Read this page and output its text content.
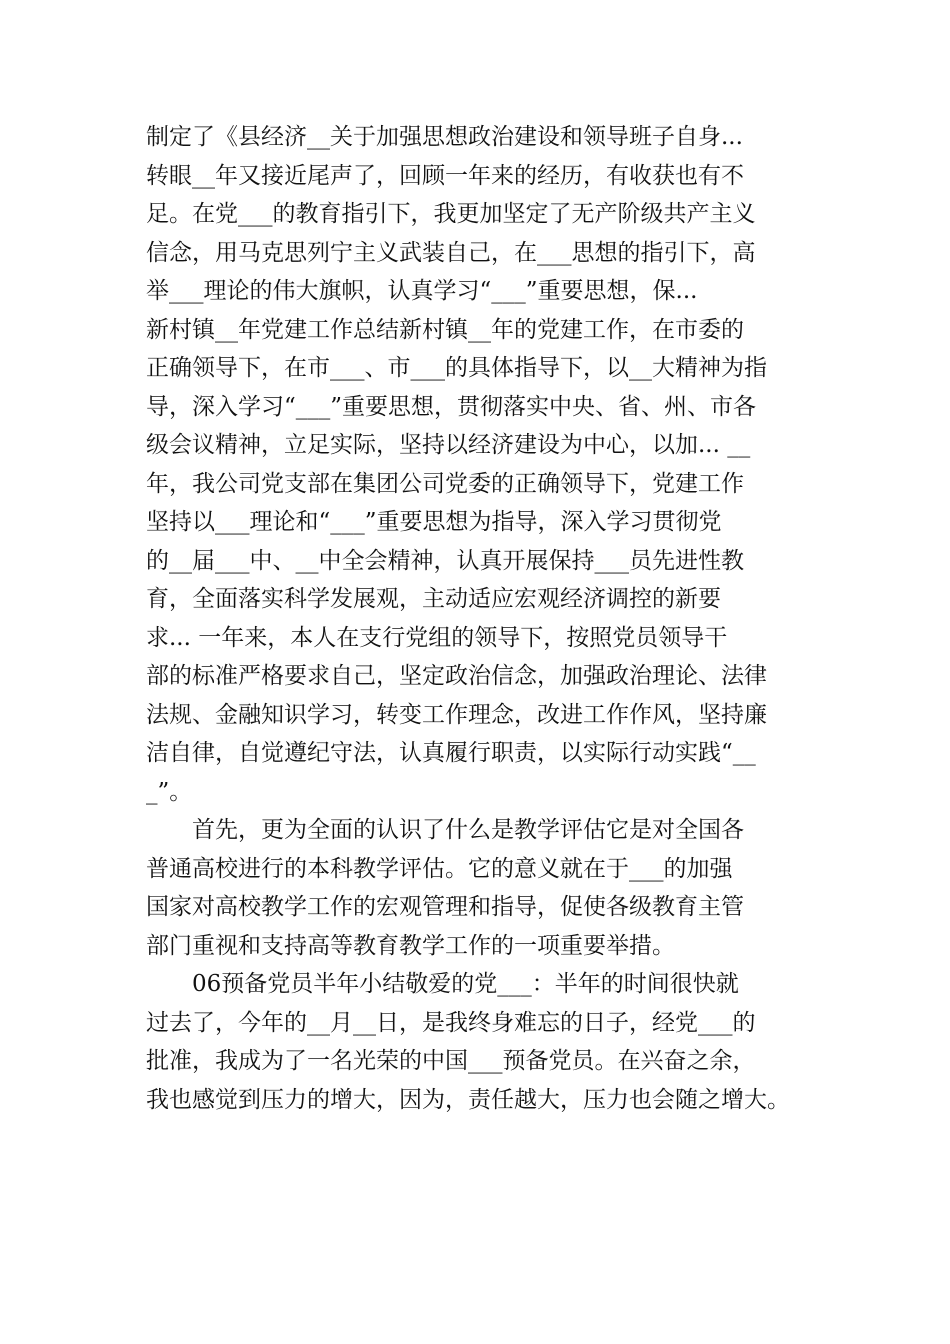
制定了《县经济__关于加强思想政治建设和领导班子自身...
转眼__年又接近尾声了，回顾一年来的经历，有收获也有不
足。在党___的教育指引下，我更加坚定了无产阶级共产主义
信念，用马克思列宁主义武装自己，在___思想的指引下，高
举___理论的伟大旗帜，认真学习“___”重要思想，保...
新村镇__年党建工作总结新村镇__年的党建工作，在市委的
正确领导下，在市___、市___的具体指导下，以__大精神为指
导，深入学习“___”重要思想，贯彻落实中央、省、州、市各
级会议精神，立足实际，坚持以经济建设为中心，以加... __
年，我公司党支部在集团公司党委的正确领导下，党建工作
坚持以___理论和“___”重要思想为指导，深入学习贯彻党
的__届___中、__中全会精神，认真开展保持___员先进性教
育，全面落实科学发展观，主动适应宏观经济调控的新要
求... 一年来，本人在支行党组的领导下，按照党员领导干
部的标准严格要求自己，坚定政治信念，加强政治理论、法律
法规、金融知识学习，转变工作理念，改进工作作风，坚持廉
洁自律，自觉遵纪守法，认真履行职责，以实际行动实践“__
_”。
　　首先，更为全面的认识了什么是教学评估它是对全国各
普通高校进行的本科教学评估。它的意义就在于___的加强
国家对高校教学工作的宏观管理和指导，促使各级教育主管
部门重视和支持高等教育教学工作的一项重要举措。
　　06预备党员半年小结敬爱的党___：半年的时间很快就
过去了，今年的__月__日，是我终身难忘的日子，经党___的
批准，我成为了一名光荣的中国___预备党员。在兴奋之余，
我也感觉到压力的增大，因为，责任越大，压力也会随之增大。
